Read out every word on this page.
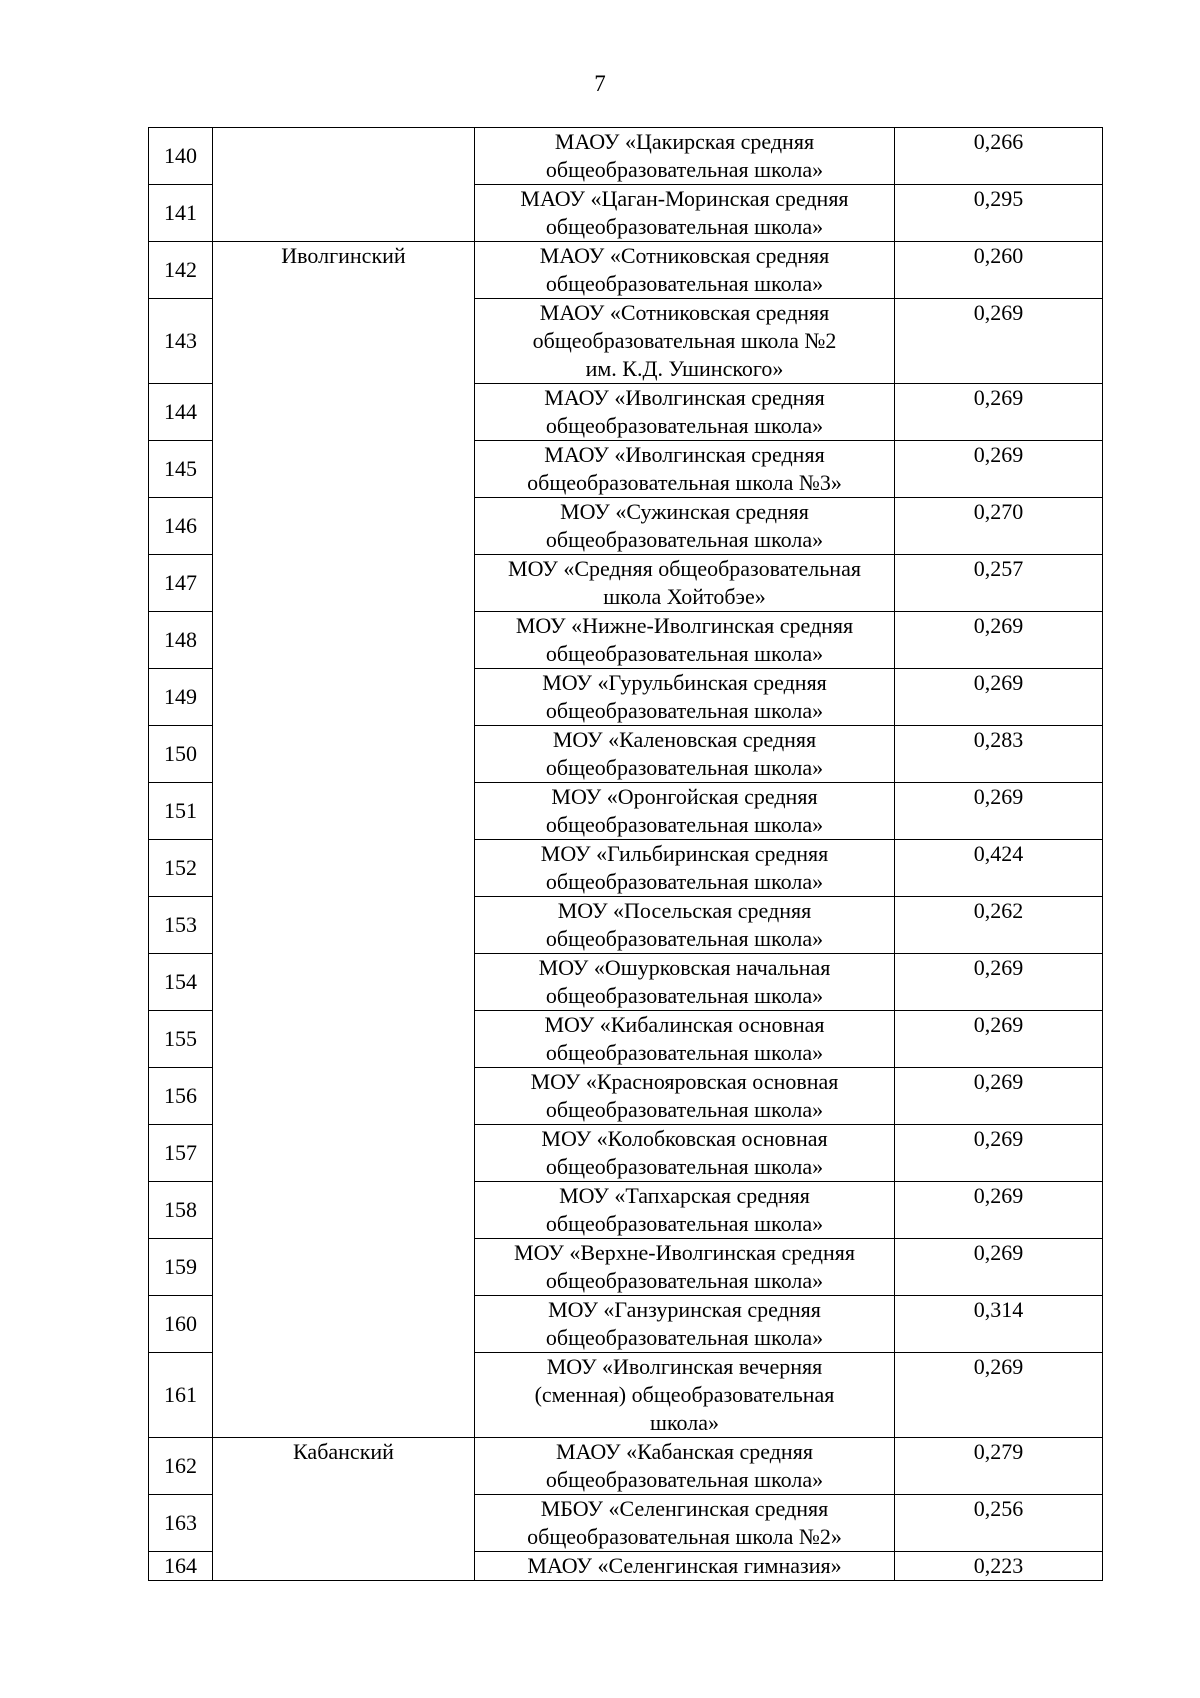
7
140		МАОУ «Цакирская средняя
общеобразовательная школа»	0,266
141		МАОУ «Цаган-Моринская средняя
общеобразовательная школа»	0,295
142	Иволгинский	МАОУ «Сотниковская средняя
общеобразовательная школа»	0,260
143		МАОУ «Сотниковская средняя
общеобразовательная школа №2
им. К.Д. Ушинского»	0,269
144		МАОУ «Иволгинская средняя
общеобразовательная школа»	0,269
145		МАОУ «Иволгинская средняя
общеобразовательная школа №3»	0,269
146		МОУ «Сужинская средняя
общеобразовательная школа»	0,270
147		МОУ «Средняя общеобразовательная
школа Хойтобэе»	0,257
148		МОУ «Нижне-Иволгинская средняя
общеобразовательная школа»	0,269
149		МОУ «Гурульбинская средняя
общеобразовательная школа»	0,269
150		МОУ «Каленовская средняя
общеобразовательная школа»	0,283
151		МОУ «Оронгойская средняя
общеобразовательная школа»	0,269
152		МОУ «Гильбиринская средняя
общеобразовательная школа»	0,424
153		МОУ «Посельская средняя
общеобразовательная школа»	0,262
154		МОУ «Ошурковская начальная
общеобразовательная школа»	0,269
155		МОУ «Кибалинская основная
общеобразовательная школа»	0,269
156		МОУ «Краснояровская основная
общеобразовательная школа»	0,269
157		МОУ «Колобковская основная
общеобразовательная школа»	0,269
158		МОУ «Тапхарская средняя
общеобразовательная школа»	0,269
159		МОУ «Верхне-Иволгинская средняя
общеобразовательная школа»	0,269
160		МОУ «Ганзуринская средняя
общеобразовательная школа»	0,314
161		МОУ «Иволгинская вечерняя
(сменная) общеобразовательная
школа»	0,269
162	Кабанский	МАОУ «Кабанская средняя
общеобразовательная школа»	0,279
163		МБОУ «Селенгинская средняя
общеобразовательная школа №2»	0,256
164		МАОУ «Селенгинская гимназия»	0,223
